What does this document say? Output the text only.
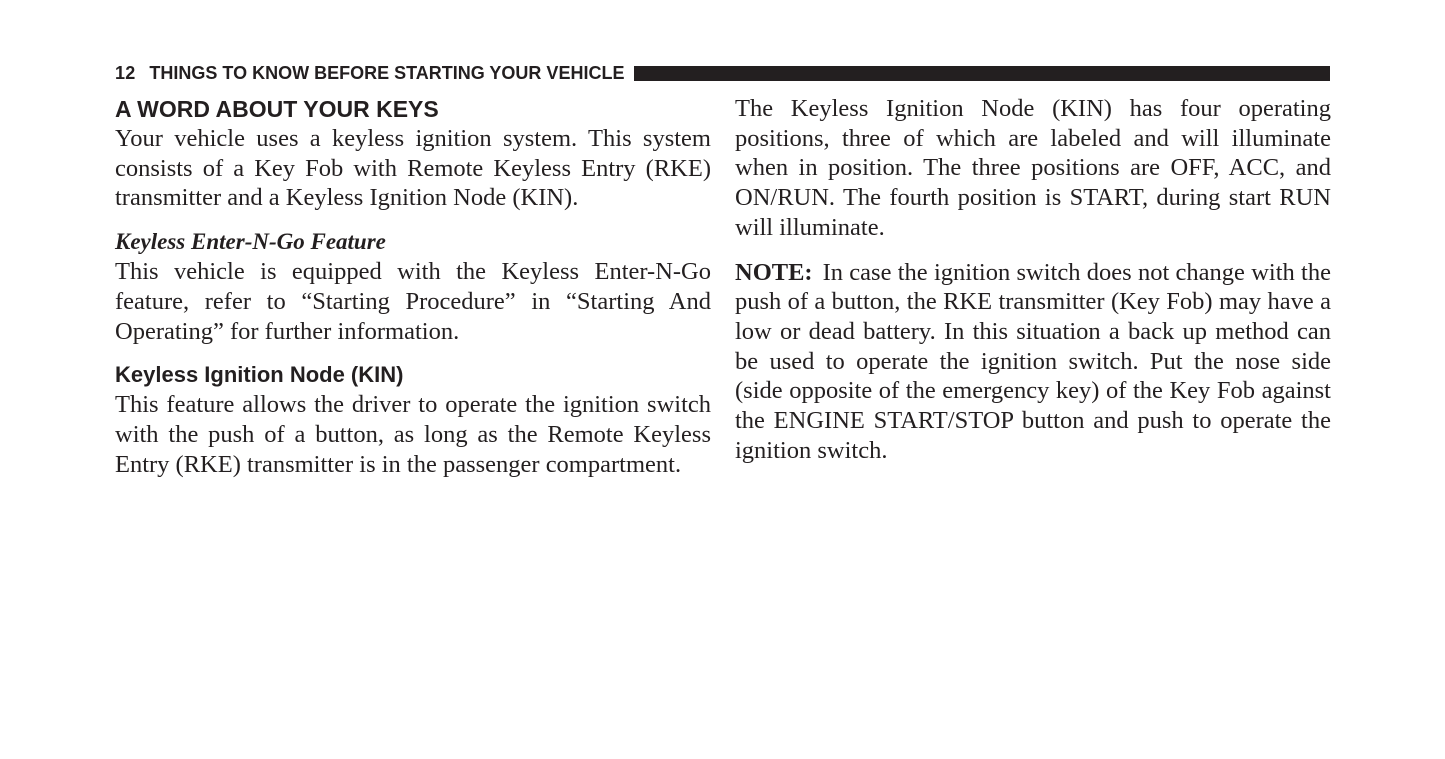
12 THINGS TO KNOW BEFORE STARTING YOUR VEHICLE
A WORD ABOUT YOUR KEYS

Your vehicle uses a keyless ignition system. This system consists of a Key Fob with Remote Keyless Entry (RKE) transmitter and a Keyless Ignition Node (KIN).

Keyless Enter-N-Go Feature

This vehicle is equipped with the Keyless Enter-N-Go feature, refer to “Starting Procedure” in “Starting And Operating” for further information.

Keyless Ignition Node (KIN)

This feature allows the driver to operate the ignition switch with the push of a button, as long as the Remote Keyless Entry (RKE) transmitter is in the passenger compartment.

The Keyless Ignition Node (KIN) has four operating positions, three of which are labeled and will illuminate when in position. The three positions are OFF, ACC, and ON/RUN. The fourth position is START, during start RUN will illuminate.

NOTE: In case the ignition switch does not change with the push of a button, the RKE transmitter (Key Fob) may have a low or dead battery. In this situation a back up method can be used to operate the ignition switch. Put the nose side (side opposite of the emergency key) of the Key Fob against the ENGINE START/STOP button and push to operate the ignition switch.
